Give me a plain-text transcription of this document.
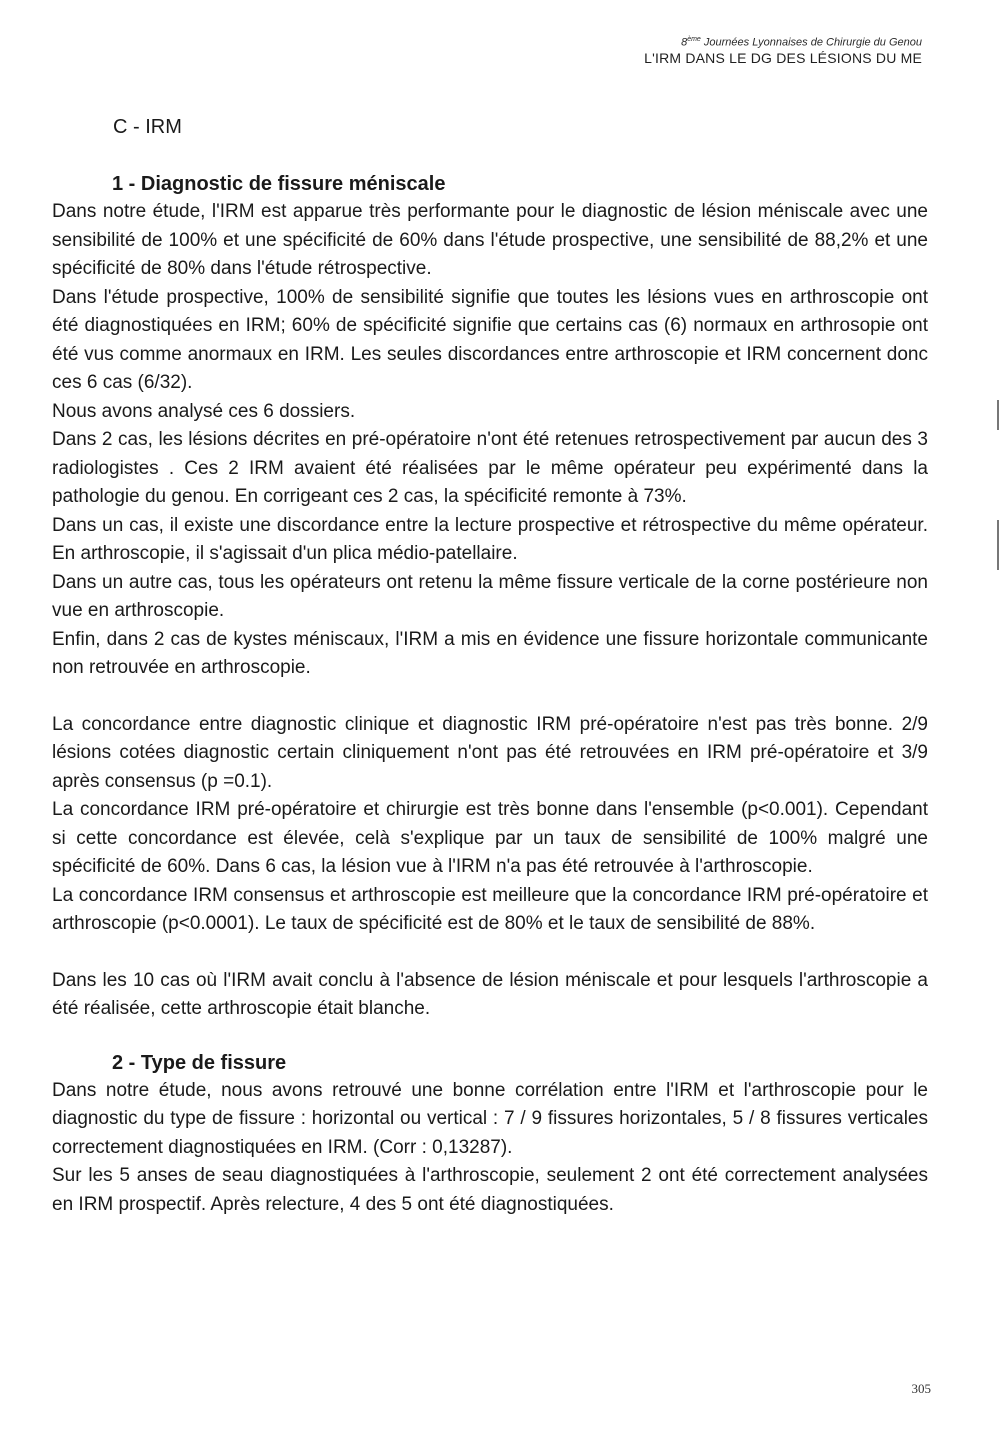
8ème Journées Lyonnaises de Chirurgie du Genou
L'IRM DANS LE DG DES LÉSIONS DU ME
C - IRM
1 - Diagnostic de fissure méniscale
Dans notre étude, l'IRM est apparue très performante pour le diagnostic de lésion méniscale avec une sensibilité de 100% et une spécificité de 60% dans l'étude prospective, une sensibilité de 88,2% et une spécificité de 80% dans l'étude rétrospective.
Dans l'étude prospective, 100% de sensibilité signifie que toutes les lésions vues en arthroscopie ont été diagnostiquées en IRM; 60% de spécificité signifie que certains cas (6) normaux en arthrosopie ont été vus comme anormaux en IRM. Les seules discordances entre arthroscopie et IRM concernent donc ces 6 cas (6/32).
Nous avons analysé ces 6 dossiers.
Dans 2 cas, les lésions décrites en pré-opératoire n'ont été retenues retrospectivement par aucun des 3 radiologistes . Ces 2 IRM avaient été réalisées par le même opérateur peu expérimenté dans la pathologie du genou. En corrigeant ces 2 cas, la spécificité remonte à 73%.
Dans un cas, il existe une discordance entre la lecture prospective et rétrospective du même opérateur. En arthroscopie, il s'agissait d'un plica médio-patellaire.
Dans un autre cas, tous les opérateurs ont retenu la même fissure verticale de la corne postérieure non vue en arthroscopie.
Enfin, dans 2 cas de kystes méniscaux, l'IRM a mis en évidence une fissure horizontale communicante non retrouvée en arthroscopie.
La concordance entre diagnostic clinique et diagnostic IRM pré-opératoire n'est pas très bonne. 2/9 lésions cotées diagnostic certain cliniquement n'ont pas été retrouvées en IRM pré-opératoire et 3/9 après consensus (p =0.1).
La concordance IRM pré-opératoire et chirurgie est très bonne dans l'ensemble (p<0.001). Cependant si cette concordance est élevée, celà s'explique par un taux de sensibilité de 100% malgré une spécificité de 60%. Dans 6 cas, la lésion vue à l'IRM n'a pas été retrouvée à l'arthroscopie.
La concordance IRM consensus et arthroscopie est meilleure que la concordance IRM pré-opératoire et arthroscopie (p<0.0001). Le taux de spécificité est de 80% et le taux de sensibilité de 88%.
Dans les 10 cas où l'IRM avait conclu à l'absence de lésion méniscale et pour lesquels l'arthroscopie a été réalisée, cette arthroscopie était blanche.
2 - Type de fissure
Dans notre étude, nous avons retrouvé une bonne corrélation entre l'IRM et l'arthroscopie pour le diagnostic du type de fissure : horizontal ou vertical : 7 / 9 fissures horizontales, 5 / 8 fissures verticales correctement diagnostiquées en IRM. (Corr : 0,13287).
Sur les 5 anses de seau diagnostiquées à l'arthroscopie, seulement 2 ont été correctement analysées en IRM prospectif. Après relecture, 4 des 5 ont été diagnostiquées.
305
